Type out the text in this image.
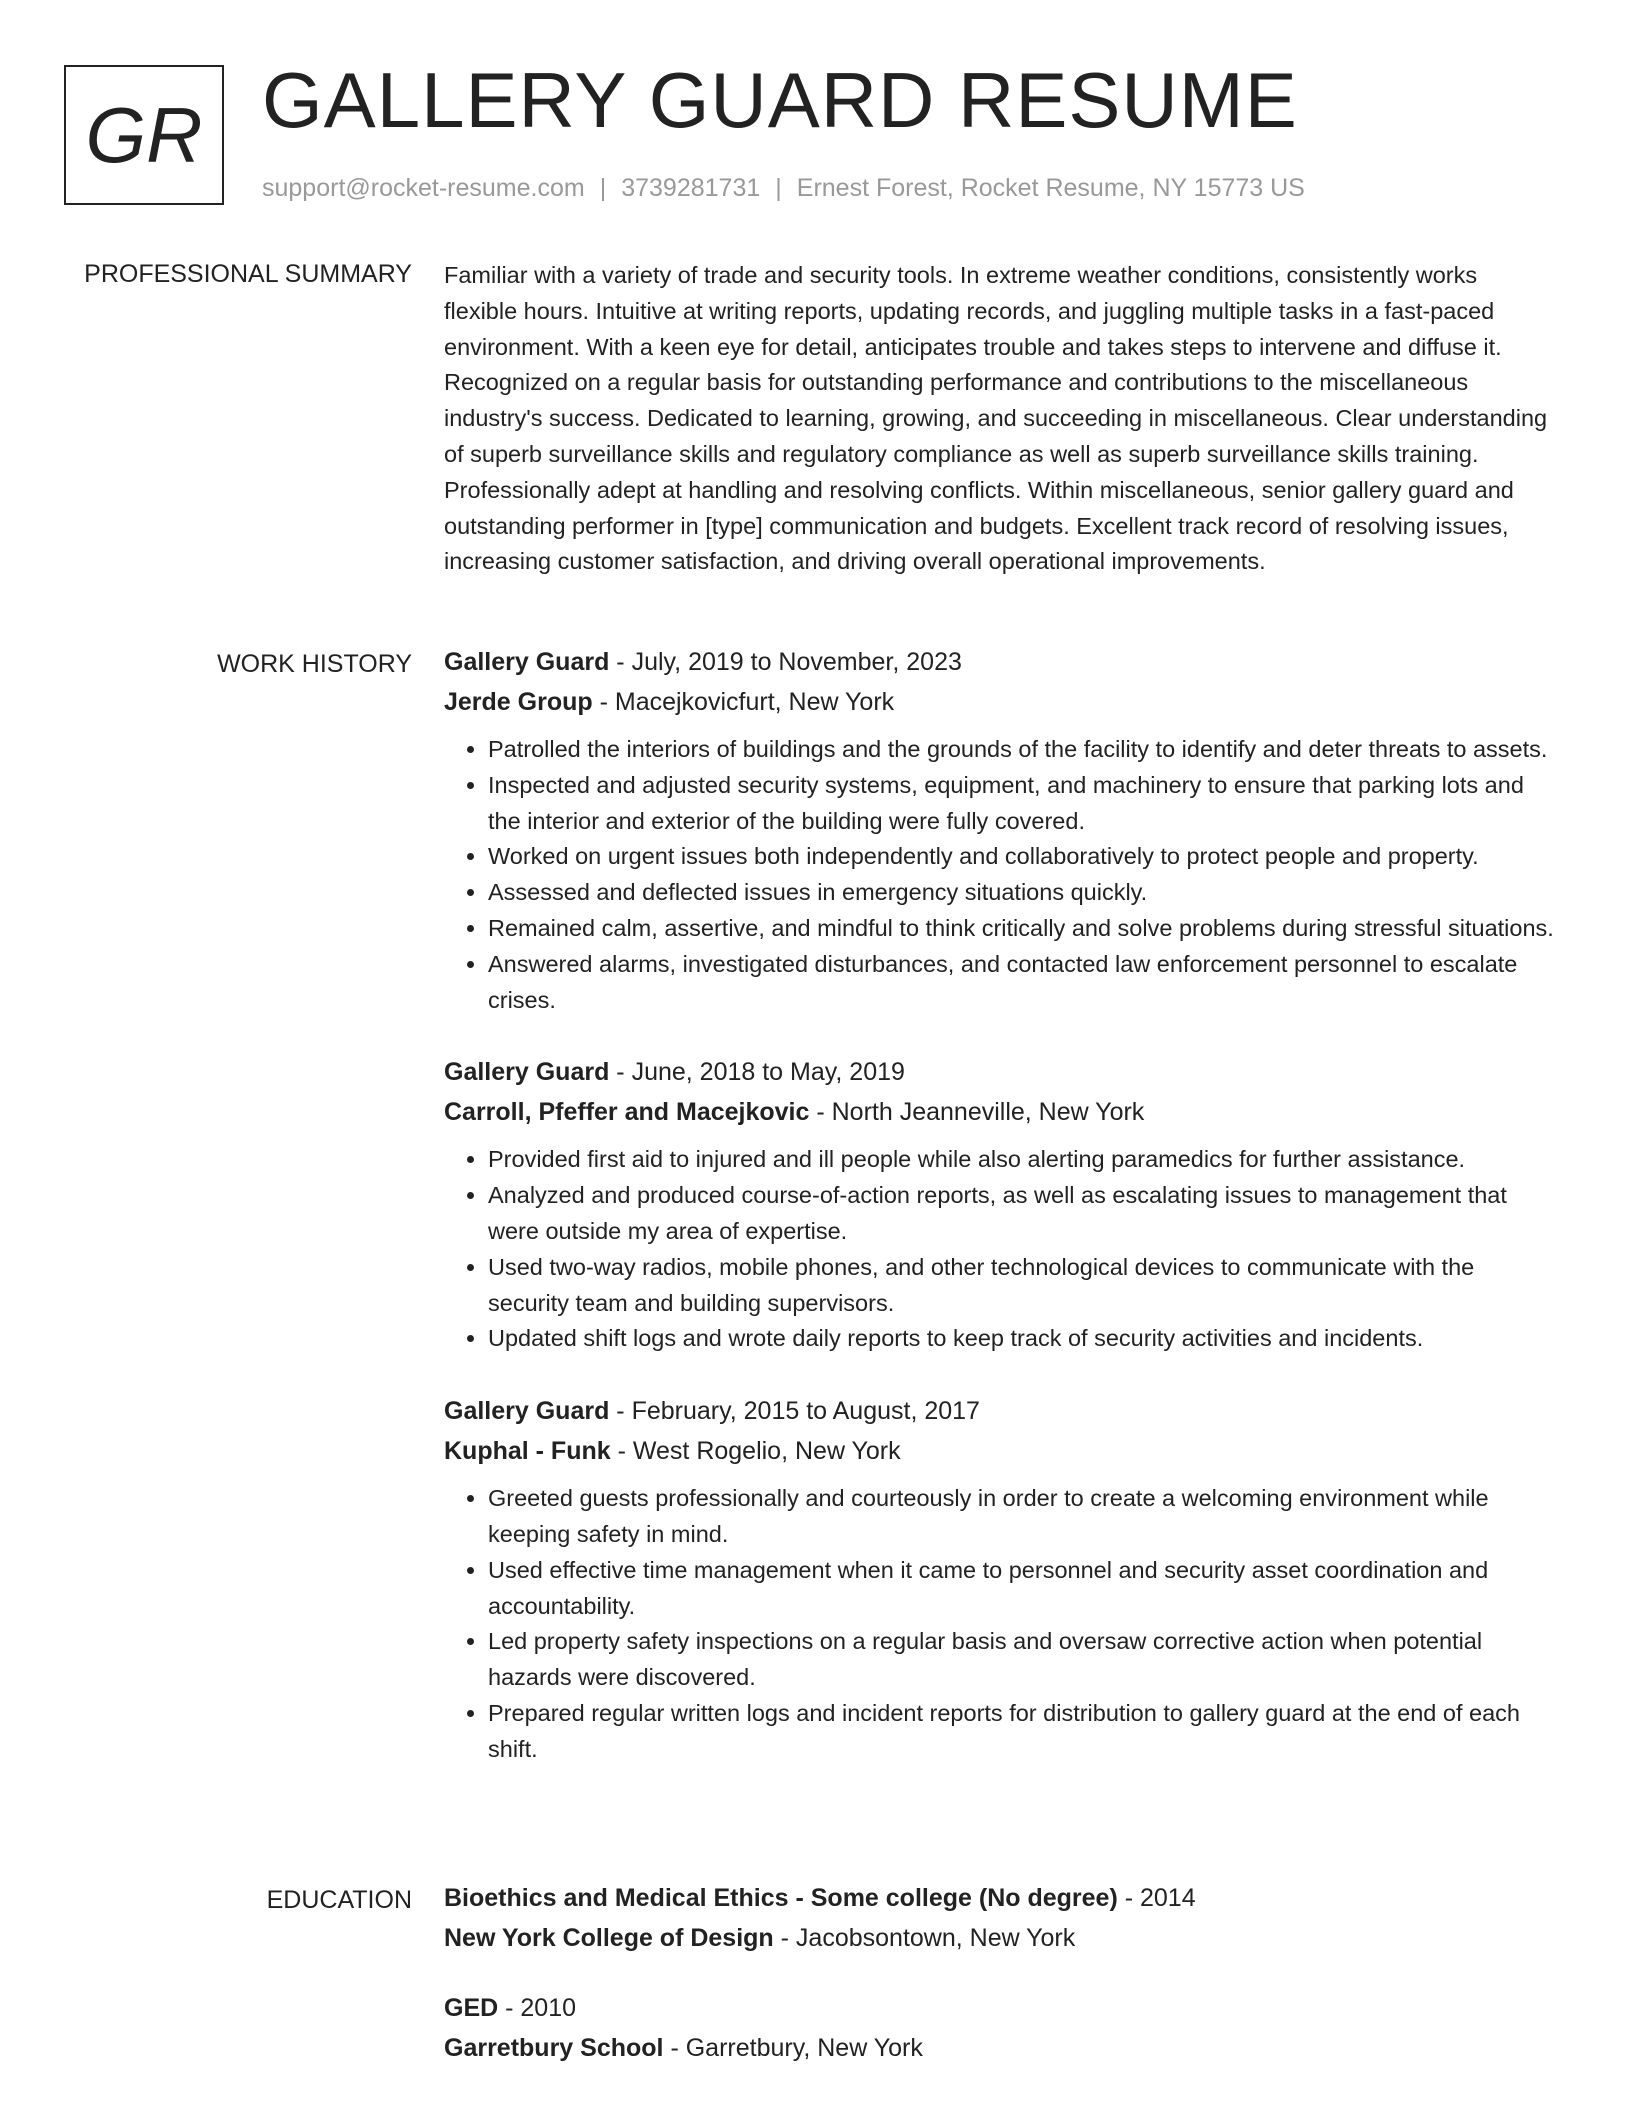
GR GALLERY GUARD RESUME
support@rocket-resume.com | 3739281731 | Ernest Forest, Rocket Resume, NY 15773 US
PROFESSIONAL SUMMARY Familiar with a variety of trade and security tools. In extreme weather conditions, consistently works flexible hours. Intuitive at writing reports, updating records, and juggling multiple tasks in a fast-paced environment. With a keen eye for detail, anticipates trouble and takes steps to intervene and diffuse it. Recognized on a regular basis for outstanding performance and contributions to the miscellaneous industry's success. Dedicated to learning, growing, and succeeding in miscellaneous. Clear understanding of superb surveillance skills and regulatory compliance as well as superb surveillance skills training. Professionally adept at handling and resolving conflicts. Within miscellaneous, senior gallery guard and outstanding performer in [type] communication and budgets. Excellent track record of resolving issues, increasing customer satisfaction, and driving overall operational improvements.
WORK HISTORY Gallery Guard - July, 2019 to November, 2023
Jerde Group - Macejkovicfurt, New York
• Patrolled the interiors of buildings and the grounds of the facility to identify and deter threats to assets.
• Inspected and adjusted security systems, equipment, and machinery to ensure that parking lots and the interior and exterior of the building were fully covered.
• Worked on urgent issues both independently and collaboratively to protect people and property.
• Assessed and deflected issues in emergency situations quickly.
• Remained calm, assertive, and mindful to think critically and solve problems during stressful situations.
• Answered alarms, investigated disturbances, and contacted law enforcement personnel to escalate crises.
Gallery Guard - June, 2018 to May, 2019
Carroll, Pfeffer and Macejkovic - North Jeanneville, New York
• Provided first aid to injured and ill people while also alerting paramedics for further assistance.
• Analyzed and produced course-of-action reports, as well as escalating issues to management that were outside my area of expertise.
• Used two-way radios, mobile phones, and other technological devices to communicate with the security team and building supervisors.
• Updated shift logs and wrote daily reports to keep track of security activities and incidents.
Gallery Guard - February, 2015 to August, 2017
Kuphal - Funk - West Rogelio, New York
• Greeted guests professionally and courteously in order to create a welcoming environment while keeping safety in mind.
• Used effective time management when it came to personnel and security asset coordination and accountability.
• Led property safety inspections on a regular basis and oversaw corrective action when potential hazards were discovered.
• Prepared regular written logs and incident reports for distribution to gallery guard at the end of each shift.
EDUCATION Bioethics and Medical Ethics - Some college (No degree) - 2014
New York College of Design - Jacobsontown, New York
GED - 2010
Garretbury School - Garretbury, New York
